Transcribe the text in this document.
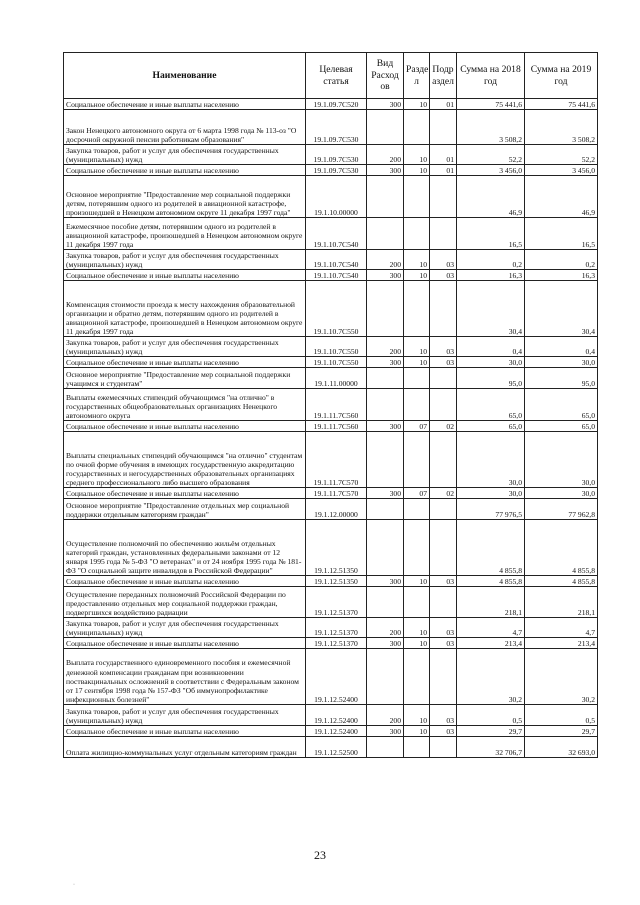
Наименование	Целевая статья	Вид Расход ов	Разде л	Подр аздел	Сумма на 2018 год	Сумма на 2019 год
Социальное обеспечение и иные выплаты населению	19.1.09.7С520	300	10	01	75 441,6	75 441,6
Закон Ненецкого автономного округа от 6 марта 1998 года № 113-оз "О досрочной окружной пенсии работникам образования"	19.1.09.7С530				3 508,2	3 508,2
Закупка товаров, работ и услуг для обеспечения государственных (муниципальных) нужд	19.1.09.7С530	200	10	01	52,2	52,2
Социальное обеспечение и иные выплаты населению	19.1.09.7С530	300	10	01	3 456,0	3 456,0
Основное мероприятие "Предоставление мер социальной поддержки детям, потерявшим одного из родителей в авиационной катастрофе, произошедшей в Ненецком автономном округе 11 декабря 1997 года"	19.1.10.00000				46,9	46,9
Ежемесячное пособие детям, потерявшим одного из родителей в авиационной катастрофе, произошедшей в Ненецком автономном округе 11 декабря 1997 года	19.1.10.7С540				16,5	16,5
Закупка товаров, работ и услуг для обеспечения государственных (муниципальных) нужд	19.1.10.7С540	200	10	03	0,2	0,2
Социальное обеспечение и иные выплаты населению	19.1.10.7С540	300	10	03	16,3	16,3
Компенсация стоимости проезда к месту нахождения образовательной организации и обратно детям, потерявшим одного из родителей в авиационной катастрофе, произошедшей в Ненецком автономном округе 11 декабря 1997 года	19.1.10.7С550				30,4	30,4
Закупка товаров, работ и услуг для обеспечения государственных (муниципальных) нужд	19.1.10.7С550	200	10	03	0,4	0,4
Социальное обеспечение и иные выплаты населению	19.1.10.7С550	300	10	03	30,0	30,0
Основное мероприятие "Предоставление мер социальной поддержки учащимся и студентам"	19.1.11.00000				95,0	95,0
Выплаты ежемесячных стипендий обучающимся "на отлично" в государственных общеобразовательных организациях Ненецкого автономного округа	19.1.11.7С560				65,0	65,0
Социальное обеспечение и иные выплаты населению	19.1.11.7С560	300	07	02	65,0	65,0
Выплаты специальных стипендий обучающимся "на отлично" студентам по очной форме обучения в имеющих государственную аккредитацию государственных и негосударственных образовательных организациях среднего профессионального либо высшего образования	19.1.11.7С570				30,0	30,0
Социальное обеспечение и иные выплаты населению	19.1.11.7С570	300	07	02	30,0	30,0
Основное мероприятие "Предоставление отдельных мер социальной поддержки отдельным категориям граждан"	19.1.12.00000				77 976,5	77 962,8
Осуществление полномочий по обеспечению жильём отдельных категорий граждан, установленных федеральными законами от 12 января 1995 года № 5-ФЗ "О ветеранах" и от 24 ноября 1995 года № 181-ФЗ "О социальной защите инвалидов в Российской Федерации"	19.1.12.51350				4 855,8	4 855,8
Социальное обеспечение и иные выплаты населению	19.1.12.51350	300	10	03	4 855,8	4 855,8
Осуществление переданных полномочий Российской Федерации по предоставлению отдельных мер социальной поддержки граждан, подвергшихся воздействию радиации	19.1.12.51370				218,1	218,1
Закупка товаров, работ и услуг для обеспечения государственных (муниципальных) нужд	19.1.12.51370	200	10	03	4,7	4,7
Социальное обеспечение и иные выплаты населению	19.1.12.51370	300	10	03	213,4	213,4
Выплата государственного единовременного пособия и ежемесячной денежной компенсации гражданам при возникновении поствакцинальных осложнений в соответствии с Федеральным законом от 17 сентября 1998 года № 157-ФЗ "Об иммунопрофилактике инфекционных болезней"	19.1.12.52400				30,2	30,2
Закупка товаров, работ и услуг для обеспечения государственных (муниципальных) нужд	19.1.12.52400	200	10	03	0,5	0,5
Социальное обеспечение и иные выплаты населению	19.1.12.52400	300	10	03	29,7	29,7
Оплата жилищно-коммунальных услуг отдельным категориям граждан	19.1.12.52500				32 706,7	32 693,0
23
·
